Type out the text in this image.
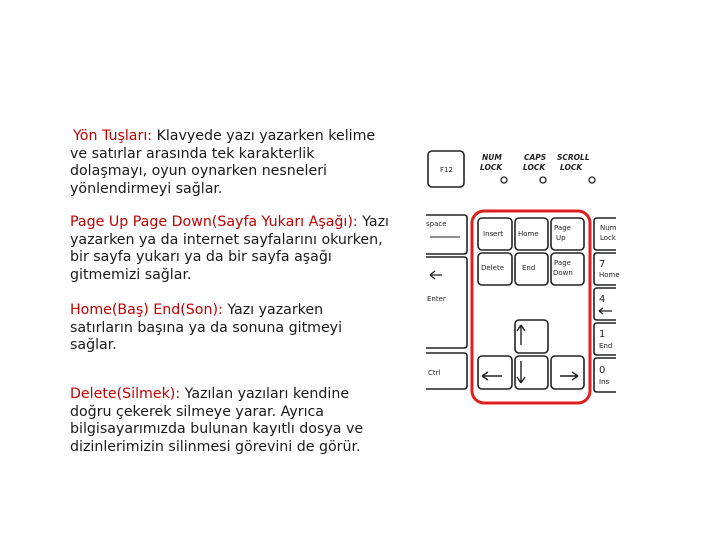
Yön Tuşları: Klavyede yazı yazarken kelime ve satırlar arasında tek karakterlik dolaşmayı, oyun oynarken nesneleri yönlendirmeyi sağlar.

Page Up Page Down(Sayfa Yukarı Aşağı): Yazı yazarken ya da internet sayfalarını okurken, bir sayfa yukarı ya da bir sayfa aşağı gitmemizi sağlar.

Home(Baş) End(Son): Yazı yazarken satırların başına ya da sonuna gitmeyi sağlar.

Delete(Silmek): Yazılan yazıları kendine doğru çekerek silmeye yarar. Ayrıca bilgisayarımızda bulunan kayıtlı dosya ve dizinlerimizin silinmesi görevini de görür.

F12
NUM
LOCK
CAPS
LOCK
SCROLL
LOCK
space
Enter
Ctrl
Insert Home
Page
Up
Delete	End
Page
Down
Num
Lock
7
Home
4
1
End
0
Ins
